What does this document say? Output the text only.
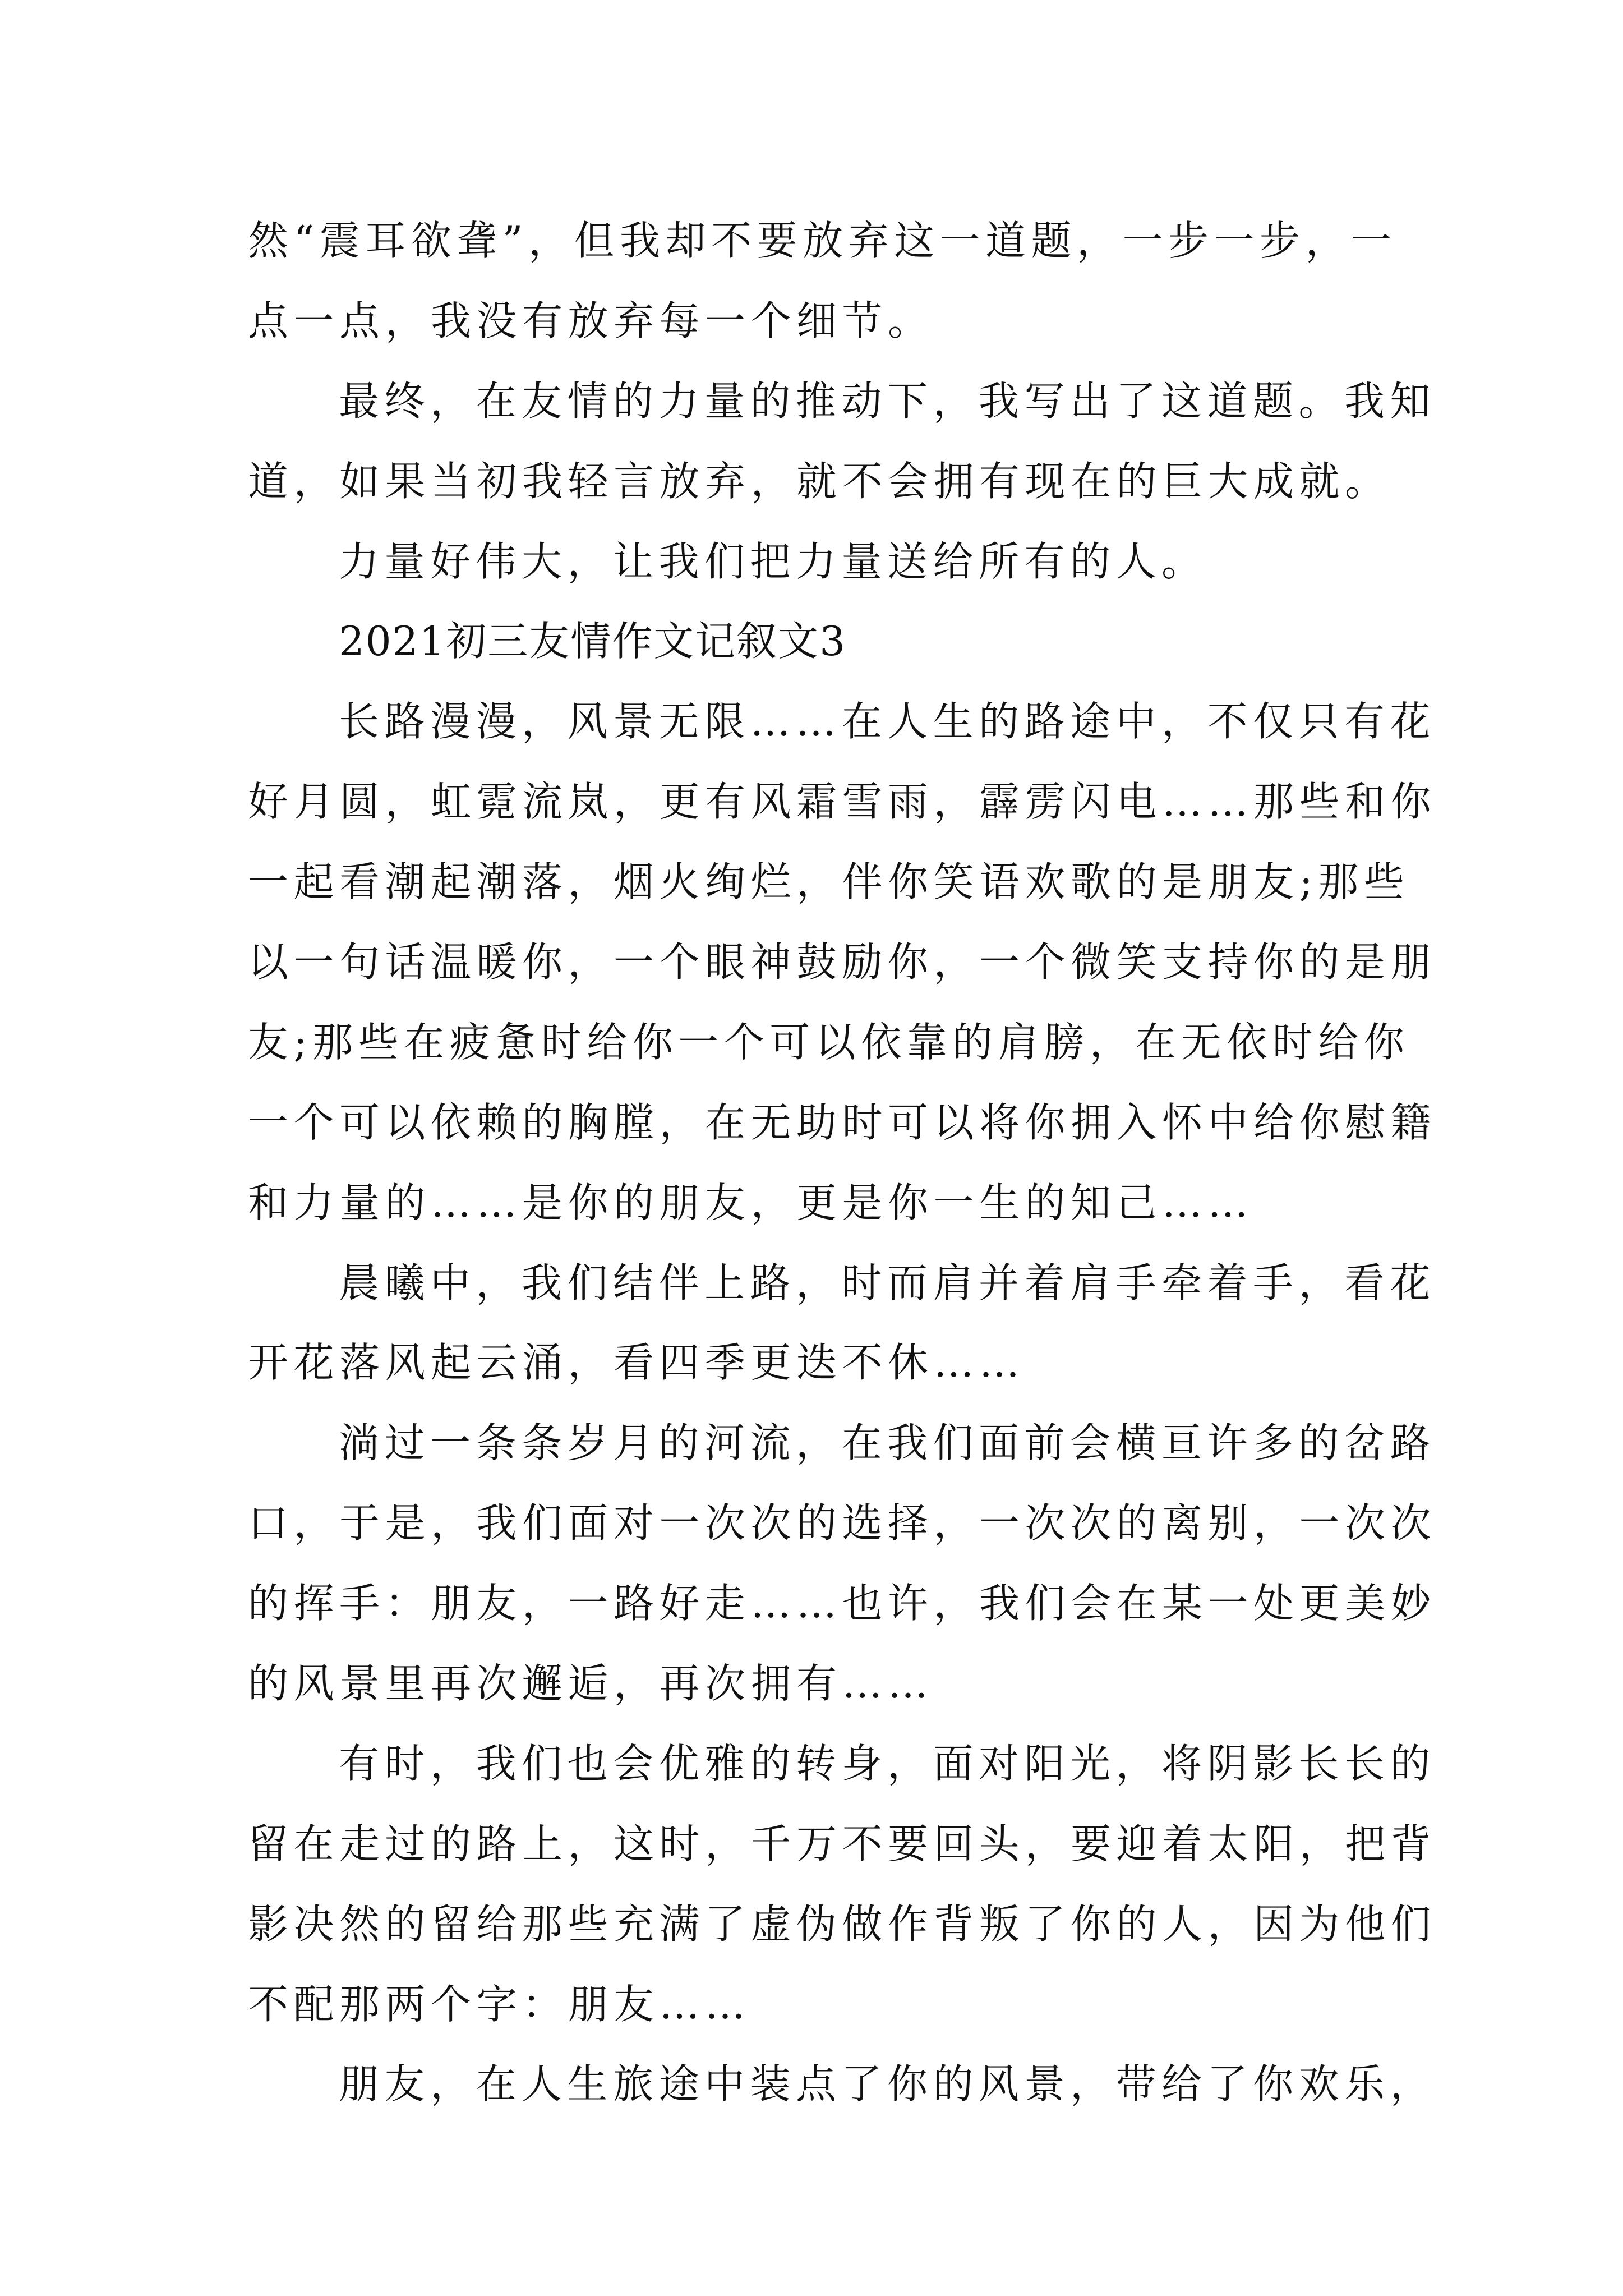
然“震耳欲聋”，但我却不要放弃这一道题，一步一步，一
点一点，我没有放弃每一个细节。
最终，在友情的力量的推动下，我写出了这道题。我知
道，如果当初我轻言放弃，就不会拥有现在的巨大成就。
力量好伟大，让我们把力量送给所有的人。
2021初三友情作文记叙文3
长路漫漫，风景无限……在人生的路途中，不仅只有花
好月圆，虹霓流岚，更有风霜雪雨，霹雳闪电……那些和你
一起看潮起潮落，烟火绚烂，伴你笑语欢歌的是朋友;那些
以一句话温暖你，一个眼神鼓励你，一个微笑支持你的是朋
友;那些在疲惫时给你一个可以依靠的肩膀，在无依时给你
一个可以依赖的胸膛，在无助时可以将你拥入怀中给你慰籍
和力量的……是你的朋友，更是你一生的知己……
晨曦中，我们结伴上路，时而肩并着肩手牵着手，看花
开花落风起云涌，看四季更迭不休……
淌过一条条岁月的河流，在我们面前会横亘许多的岔路
口，于是，我们面对一次次的选择，一次次的离别，一次次
的挥手：朋友，一路好走……也许，我们会在某一处更美妙
的风景里再次邂逅，再次拥有……
有时，我们也会优雅的转身，面对阳光，将阴影长长的
留在走过的路上，这时，千万不要回头，要迎着太阳，把背
影决然的留给那些充满了虚伪做作背叛了你的人，因为他们
不配那两个字：朋友……
朋友，在人生旅途中装点了你的风景，带给了你欢乐，
